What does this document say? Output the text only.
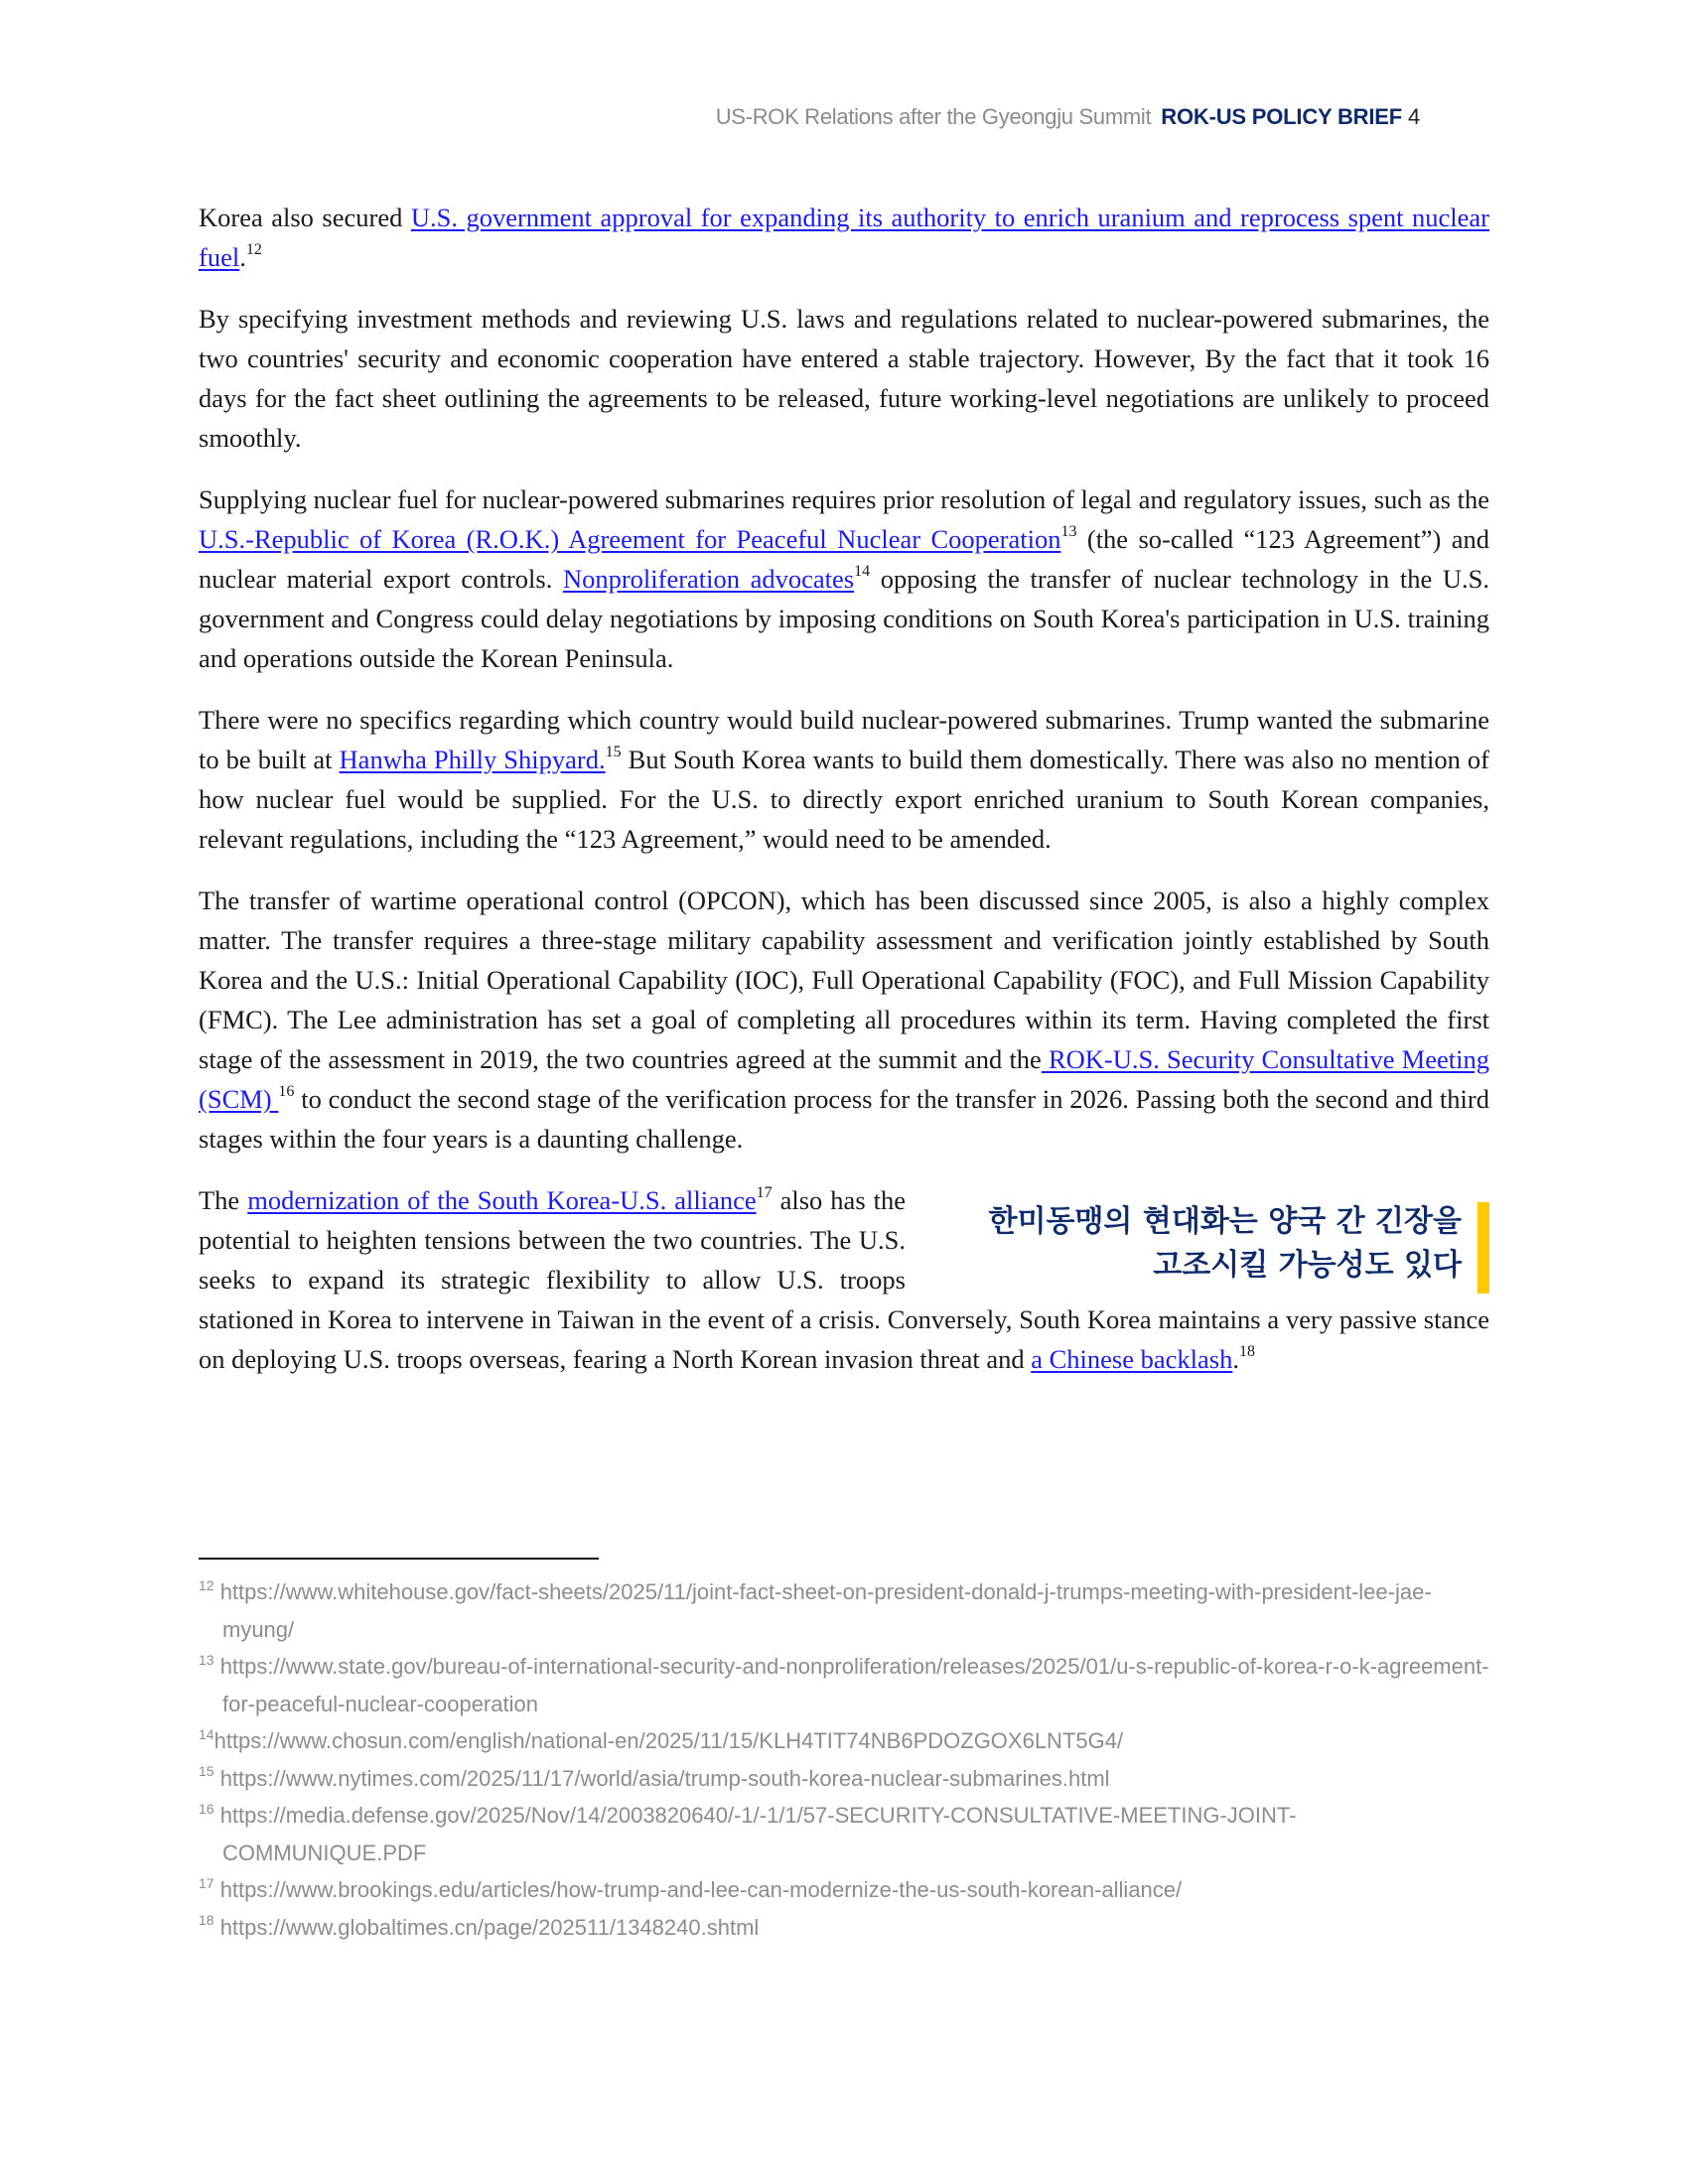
US-ROK Relations after the Gyeongju Summit ROK-US POLICY BRIEF 4

Korea also secured U.S. government approval for expanding its authority to enrich uranium and reprocess spent nuclear fuel.$^{12}$

By specifying investment methods and reviewing U.S. laws and regulations related to nuclear-powered submarines, the two countries' security and economic cooperation have entered a stable trajectory. However, By the fact that it took 16 days for the fact sheet outlining the agreements to be released, future working-level negotiations are unlikely to proceed smoothly.

Supplying nuclear fuel for nuclear-powered submarines requires prior resolution of legal and regulatory issues, such as the U.S.-Republic of Korea (R.O.K.) Agreement for Peaceful Nuclear Cooperation$^{13}$ (the so-called “123 Agreement”) and nuclear material export controls. Nonproliferation advocates$^{14}$ opposing the transfer of nuclear technology in the U.S. government and Congress could delay negotiations by imposing conditions on South Korea's participation in U.S. training and operations outside the Korean Peninsula.

There were no specifics regarding which country would build nuclear-powered submarines. Trump wanted the submarine to be built at Hanwha Philly Shipyard.$^{15}$ But South Korea wants to build them domestically. There was also no mention of how nuclear fuel would be supplied. For the U.S. to directly export enriched uranium to South Korean companies, relevant regulations, including the “123 Agreement,” would need to be amended.

The transfer of wartime operational control (OPCON), which has been discussed since 2005, is also a highly complex matter. The transfer requires a three-stage military capability assessment and verification jointly established by South Korea and the U.S.: Initial Operational Capability (IOC), Full Operational Capability (FOC), and Full Mission Capability (FMC). The Lee administration has set a goal of completing all procedures within its term. Having completed the first stage of the assessment in 2019, the two countries agreed at the summit and the ROK-U.S. Security Consultative Meeting (SCM) $^{16}$ to conduct the second stage of the verification process for the transfer in 2026. Passing both the second and third stages within the four years is a daunting challenge.

한미동맹의 현대화는 양국 간 긴장을
고조시킬 가능성도 있다

The modernization of the South Korea-U.S. alliance$^{17}$ also has the potential to heighten tensions between the two countries. The U.S. seeks to expand its strategic flexibility to allow U.S. troops stationed in Korea to intervene in Taiwan in the event of a crisis. Conversely, South Korea maintains a very passive stance on deploying U.S. troops overseas, fearing a North Korean invasion threat and a Chinese backlash.$^{18}$

$^{12}$ https://www.whitehouse.gov/fact-sheets/2025/11/joint-fact-sheet-on-president-donald-j-trumps-meeting-with-president-lee-jae-myung/

$^{13}$ https://www.state.gov/bureau-of-international-security-and-nonproliferation/releases/2025/01/u-s-republic-of-korea-r-o-k-agreement-for-peaceful-nuclear-cooperation

$^{14}$https://www.chosun.com/english/national-en/2025/11/15/KLH4TIT74NB6PDOZGOX6LNT5G4/

$^{15}$ https://www.nytimes.com/2025/11/17/world/asia/trump-south-korea-nuclear-submarines.html

$^{16}$ https://media.defense.gov/2025/Nov/14/2003820640/-1/-1/1/57-SECURITY-CONSULTATIVE-MEETING-JOINT-COMMUNIQUE.PDF

$^{17}$ https://www.brookings.edu/articles/how-trump-and-lee-can-modernize-the-us-south-korean-alliance/

$^{18}$ https://www.globaltimes.cn/page/202511/1348240.shtml
